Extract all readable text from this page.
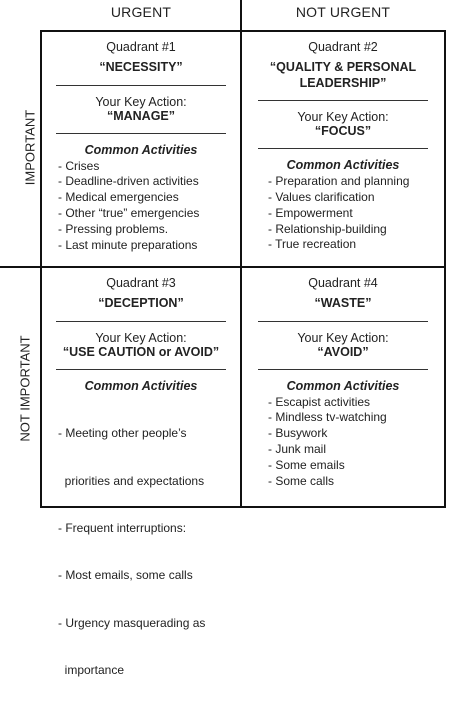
URGENT	NOT URGENT
IMPORTANT
NOT IMPORTANT
Quadrant #1
“NECESSITY”
Your Key Action:
“MANAGE”
Common Activities
- Crises
- Deadline-driven activities
- Medical emergencies
- Other “true” emergencies
- Pressing problems.
- Last minute preparations
Quadrant #2
“QUALITY & PERSONAL LEADERSHIP”
Your Key Action:
“FOCUS”
Common Activities
- Preparation and planning
- Values clarification
- Empowerment
- Relationship-building
- True recreation
Quadrant #3
“DECEPTION”
Your Key Action:
“USE CAUTION or AVOID”
Common Activities

- Meeting other people’s

priorities and expectations

- Frequent interruptions:

- Most emails, some calls

- Urgency masquerading as

importance

Quadrant #4
“WASTE”
Your Key Action:
“AVOID”
Common Activities
- Escapist activities
- Mindless tv-watching
- Busywork
- Junk mail
- Some emails
- Some calls
